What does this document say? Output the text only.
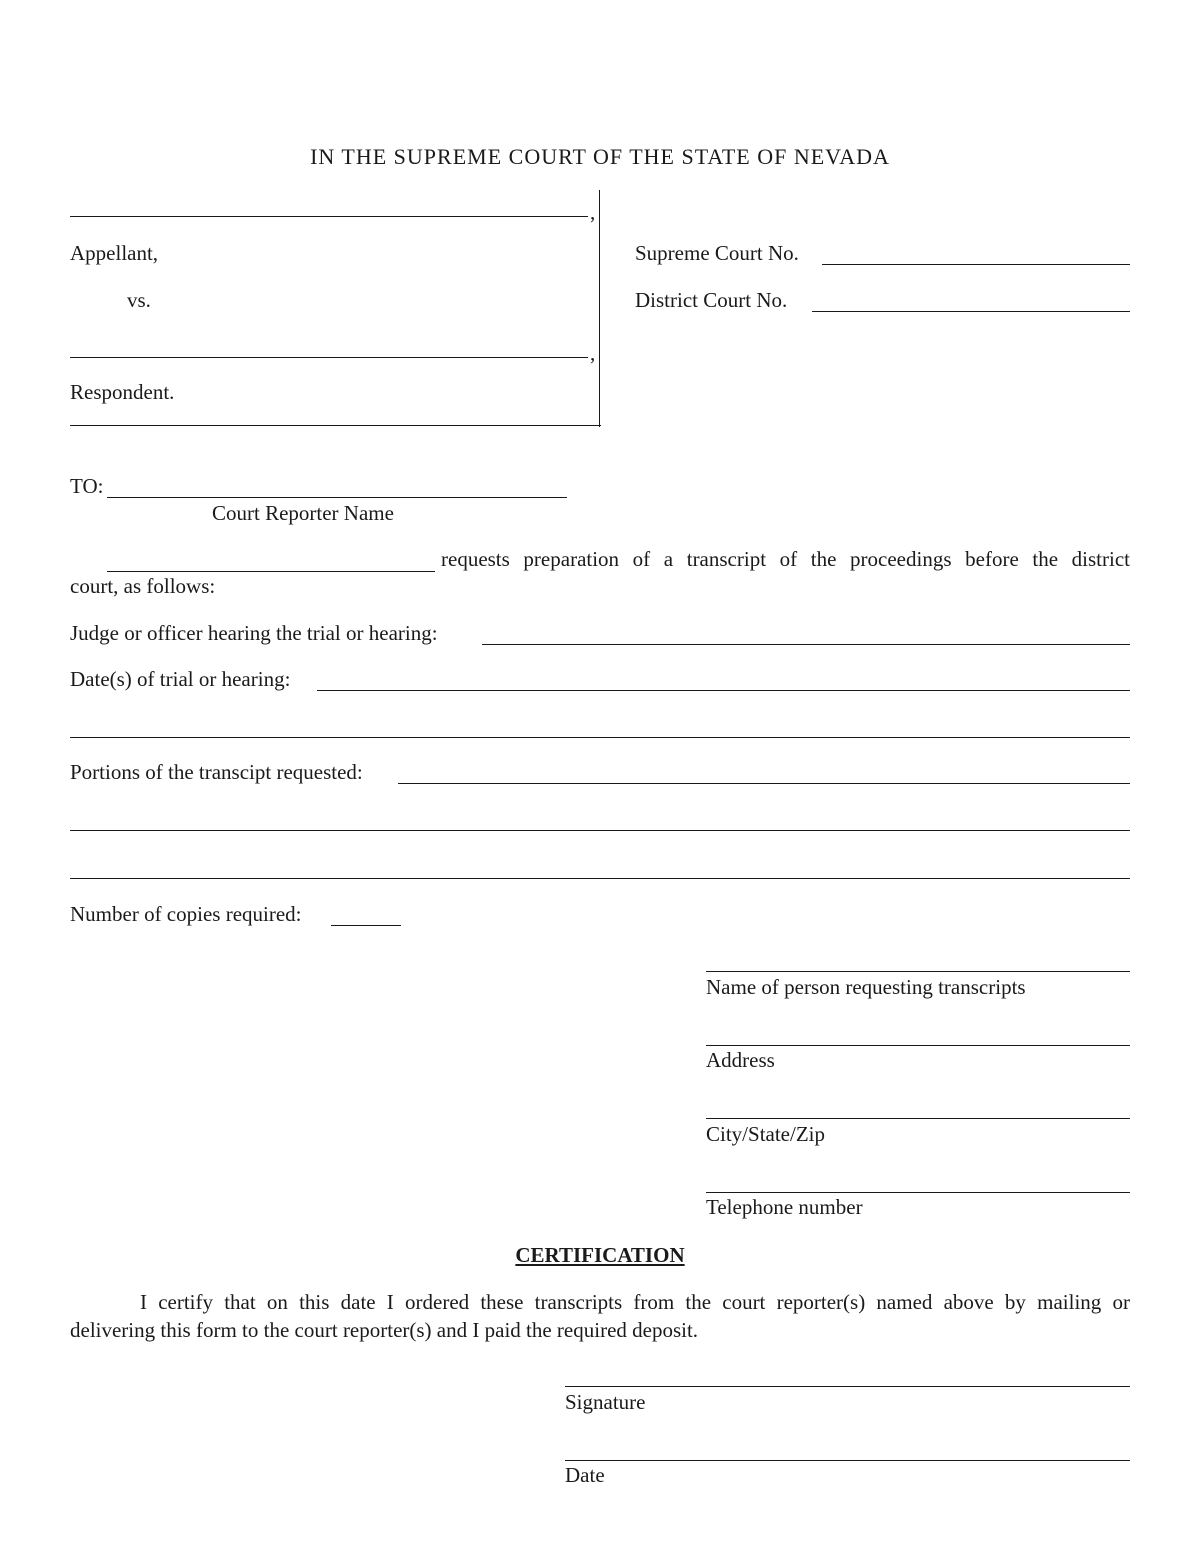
IN THE SUPREME COURT OF THE STATE OF NEVADA
,
Appellant,
vs.
,
Respondent.
Supreme Court No.
District Court No.
TO:
Court Reporter Name
requests preparation of a transcript of the proceedings before the district
court, as follows:
Judge or officer hearing the trial or hearing:
Date(s) of trial or hearing:
Portions of the transcipt requested:
Number of copies required:
Name of person requesting transcripts
Address
City/State/Zip
Telephone number
CERTIFICATION
I certify that on this date I ordered these transcripts from the court reporter(s) named above by mailing or
delivering this form to the court reporter(s) and I paid the required deposit.
Signature
Date
